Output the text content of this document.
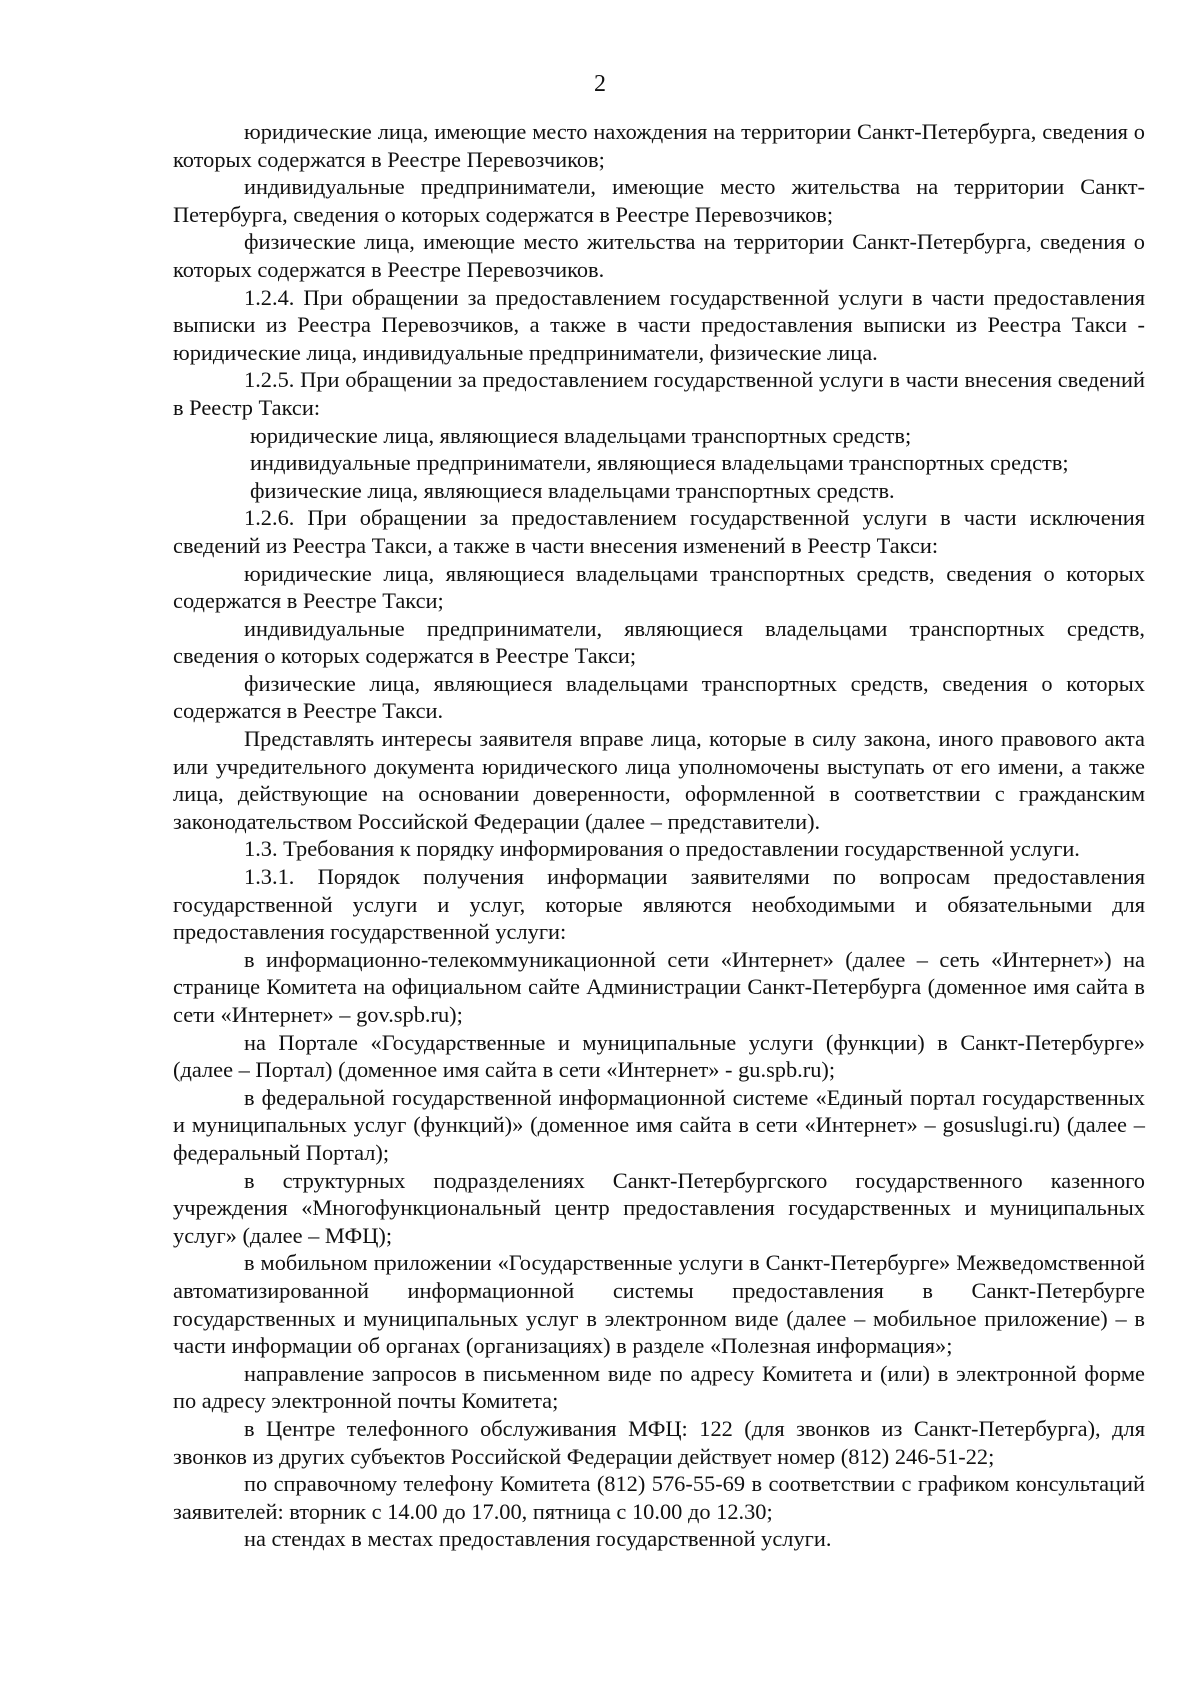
2

юридические лица, имеющие место нахождения на территории Санкт-Петербурга, сведения о которых содержатся в Реестре Перевозчиков;

индивидуальные предприниматели, имеющие место жительства на территории Санкт-Петербурга, сведения о которых содержатся в Реестре Перевозчиков;

физические лица, имеющие место жительства на территории Санкт-Петербурга, сведения о которых содержатся в Реестре Перевозчиков.

1.2.4. При обращении за предоставлением государственной услуги в части предоставления выписки из Реестра Перевозчиков, а также в части предоставления выписки из Реестра Такси - юридические лица, индивидуальные предприниматели, физические лица.

1.2.5. При обращении за предоставлением государственной услуги в части внесения сведений в Реестр Такси:

юридические лица, являющиеся владельцами транспортных средств;

индивидуальные предприниматели, являющиеся владельцами транспортных средств;

физические лица, являющиеся владельцами транспортных средств.

1.2.6. При обращении за предоставлением государственной услуги в части исключения сведений из Реестра Такси, а также в части внесения изменений в Реестр Такси:

юридические лица, являющиеся владельцами транспортных средств, сведения о которых содержатся в Реестре Такси;

индивидуальные предприниматели, являющиеся владельцами транспортных средств, сведения о которых содержатся в Реестре Такси;

физические лица, являющиеся владельцами транспортных средств, сведения о которых содержатся в Реестре Такси.

Представлять интересы заявителя вправе лица, которые в силу закона, иного правового акта или учредительного документа юридического лица уполномочены выступать от его имени, а также лица, действующие на основании доверенности, оформленной в соответствии с гражданским законодательством Российской Федерации (далее – представители).

1.3. Требования к порядку информирования о предоставлении государственной услуги.

1.3.1. Порядок получения информации заявителями по вопросам предоставления государственной услуги и услуг, которые являются необходимыми и обязательными для предоставления государственной услуги:

в информационно-телекоммуникационной сети «Интернет» (далее – сеть «Интернет») на странице Комитета на официальном сайте Администрации Санкт-Петербурга (доменное имя сайта в сети «Интернет» – gov.spb.ru);

на Портале «Государственные и муниципальные услуги (функции) в Санкт-Петербурге» (далее – Портал) (доменное имя сайта в сети «Интернет» - gu.spb.ru);

в федеральной государственной информационной системе «Единый портал государственных и муниципальных услуг (функций)» (доменное имя сайта в сети «Интернет» – gosuslugi.ru) (далее – федеральный Портал);

в структурных подразделениях Санкт-Петербургского государственного казенного учреждения «Многофункциональный центр предоставления государственных и муниципальных услуг» (далее – МФЦ);

в мобильном приложении «Государственные услуги в Санкт-Петербурге» Межведомственной автоматизированной информационной системы предоставления в Санкт-Петербурге государственных и муниципальных услуг в электронном виде (далее – мобильное приложение) – в части информации об органах (организациях) в разделе «Полезная информация»;

направление запросов в письменном виде по адресу Комитета и (или) в электронной форме по адресу электронной почты Комитета;

в Центре телефонного обслуживания МФЦ: 122 (для звонков из Санкт-Петербурга), для звонков из других субъектов Российской Федерации действует номер (812) 246-51-22;

по справочному телефону Комитета (812) 576-55-69 в соответствии с графиком консультаций заявителей: вторник с 14.00 до 17.00, пятница с 10.00 до 12.30;

на стендах в местах предоставления государственной услуги.
